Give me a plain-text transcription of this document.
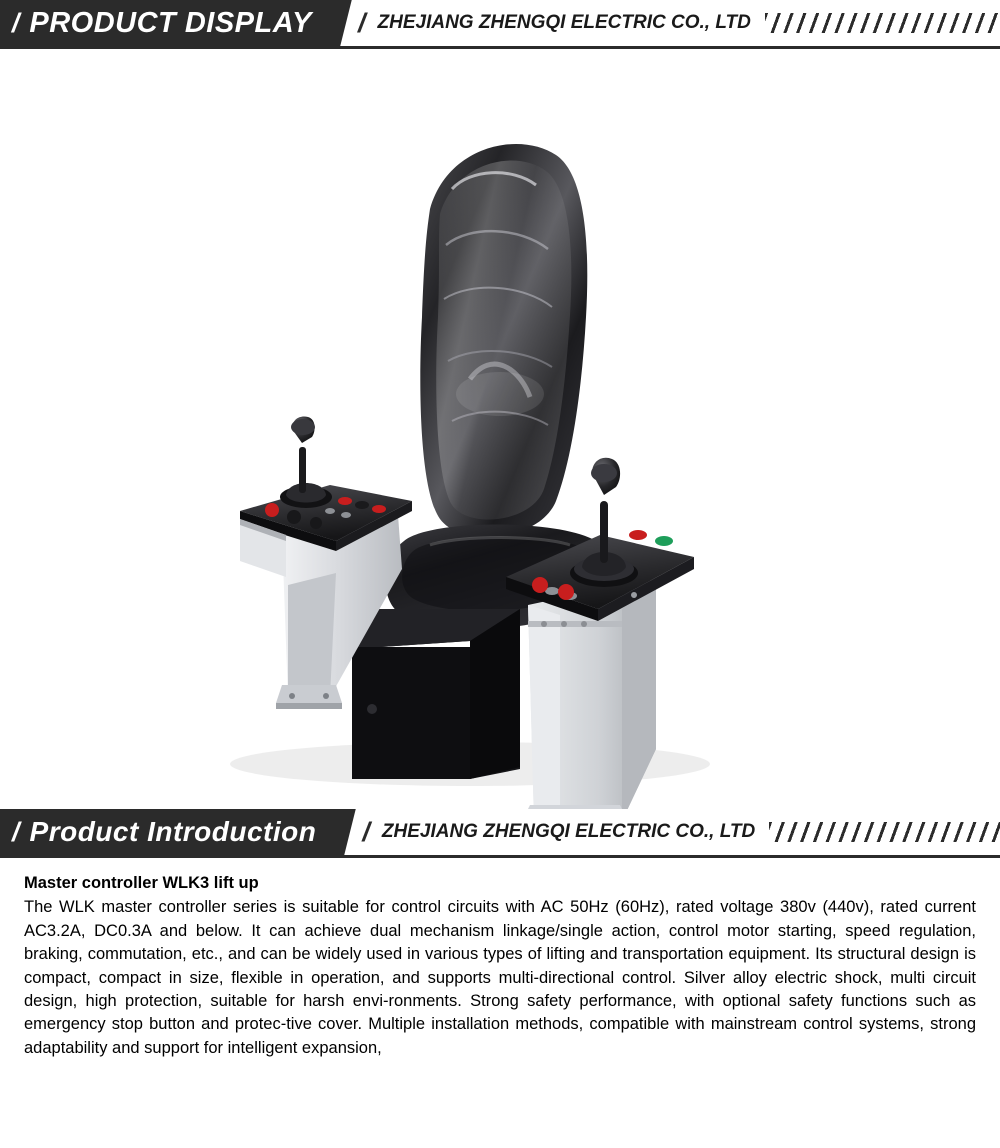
/ PRODUCT DISPLAY / ZHEJIANG ZHENGQI ELECTRIC CO., LTD
/ Product Introduction / ZHEJIANG ZHENGQI ELECTRIC CO., LTD
Master controller WLK3 lift up

The WLK master controller series is suitable for control circuits with AC 50Hz (60Hz), rated voltage 380v (440v), rated current AC3.2A, DC0.3A and below. It can achieve dual mechanism linkage/single action, control motor starting, speed regulation, braking, commutation, etc., and can be widely used in various types of lifting and transportation equipment. Its structural design is compact, compact in size, flexible in operation, and supports multi-directional control. Silver alloy electric shock, multi circuit design, high protection, suitable for harsh envi-ronments. Strong safety performance, with optional safety functions such as emergency stop button and protec-tive cover. Multiple installation methods, compatible with mainstream control systems, strong adaptability and support for intelligent expansion,
